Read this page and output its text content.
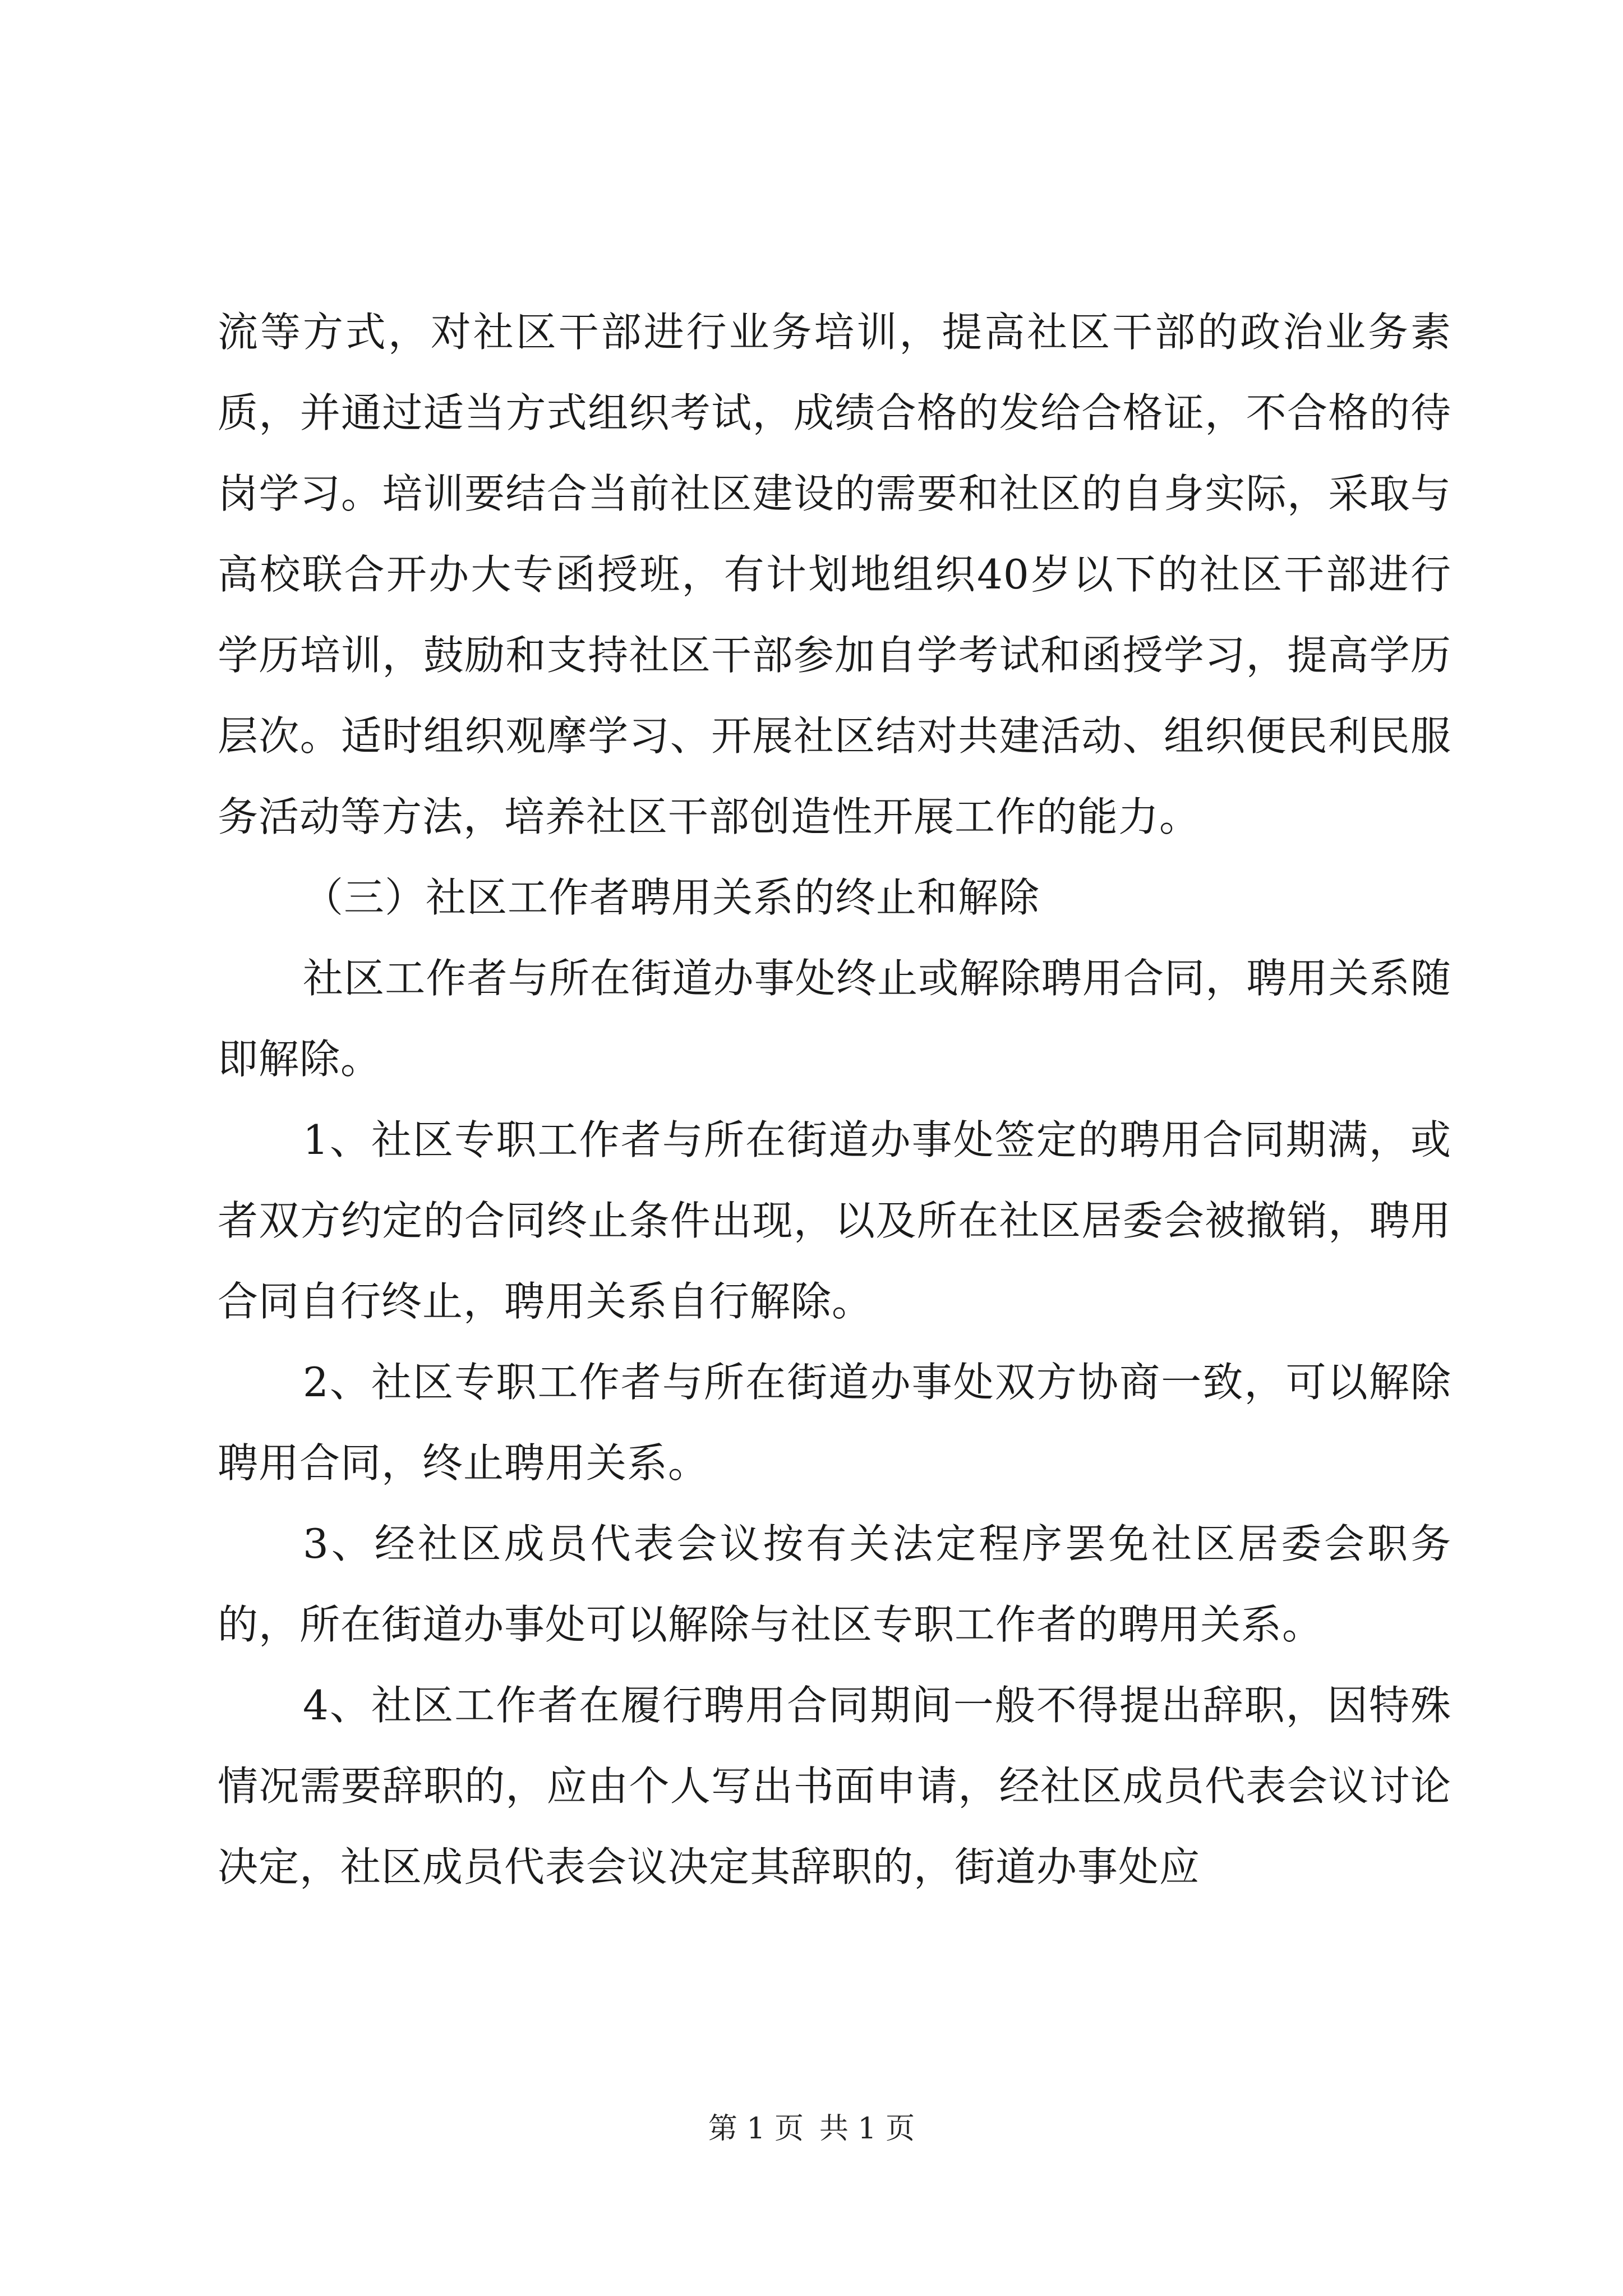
流等方式，对社区干部进行业务培训，提高社区干部的政治业务素质，并通过适当方式组织考试，成绩合格的发给合格证，不合格的待岗学习。培训要结合当前社区建设的需要和社区的自身实际，采取与高校联合开办大专函授班，有计划地组织40岁以下的社区干部进行学历培训，鼓励和支持社区干部参加自学考试和函授学习，提高学历层次。适时组织观摩学习、开展社区结对共建活动、组织便民利民服务活动等方法，培养社区干部创造性开展工作的能力。

（三）社区工作者聘用关系的终止和解除

社区工作者与所在街道办事处终止或解除聘用合同，聘用关系随即解除。

1、社区专职工作者与所在街道办事处签定的聘用合同期满，或者双方约定的合同终止条件出现，以及所在社区居委会被撤销，聘用合同自行终止，聘用关系自行解除。

2、社区专职工作者与所在街道办事处双方协商一致，可以解除聘用合同，终止聘用关系。

3、经社区成员代表会议按有关法定程序罢免社区居委会职务的，所在街道办事处可以解除与社区专职工作者的聘用关系。

4、社区工作者在履行聘用合同期间一般不得提出辞职，因特殊情况需要辞职的，应由个人写出书面申请，经社区成员代表会议讨论决定，社区成员代表会议决定其辞职的，街道办事处应

第 1 页 共 1 页
